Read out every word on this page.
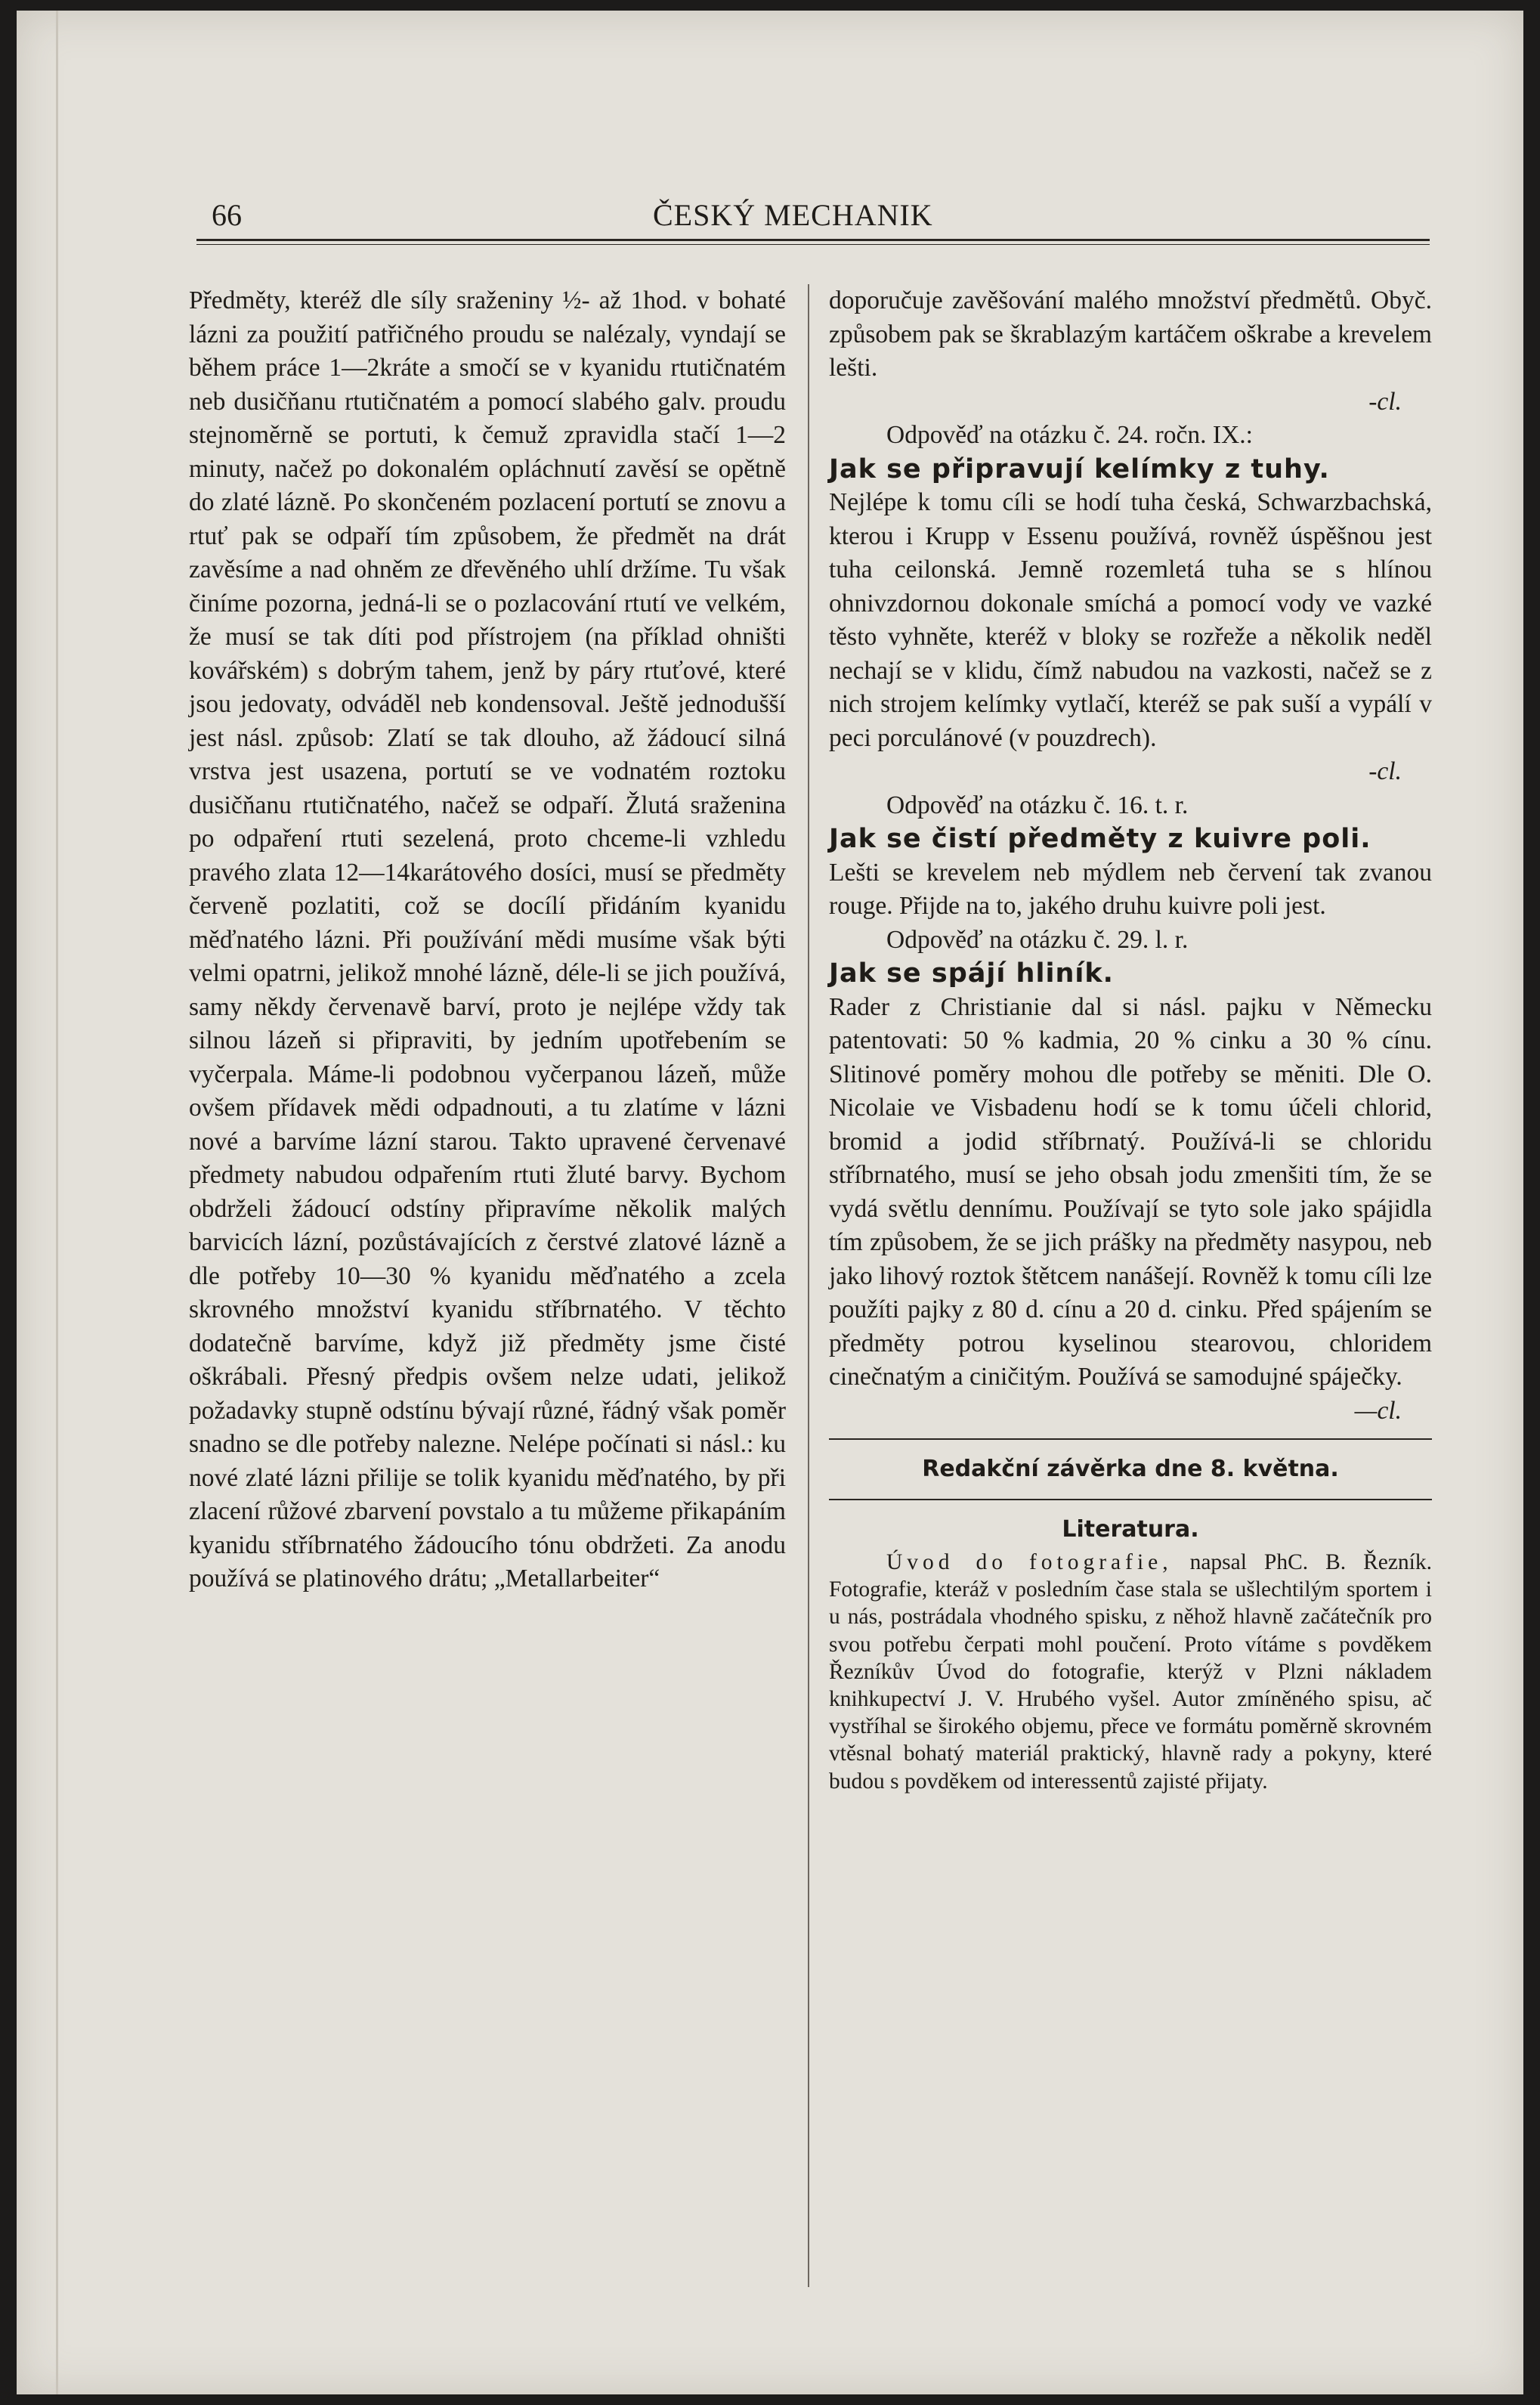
66	ČESKÝ MECHANIK

Předměty, kteréž dle síly sraženiny ½- až 1hod. v bohaté lázni za použití patřičného proudu se nalézaly, vyndají se během práce 1—2kráte a smočí se v kyanidu rtutičnatém neb dusičňanu rtutičnatém a pomocí slabého galv. proudu stejnoměrně se portuti, k čemuž zpravidla stačí 1—2 minuty, načež po dokonalém opláchnutí zavěsí se opětně do zlaté lázně. Po skončeném pozlacení portutí se znovu a rtuť pak se odpaří tím způsobem, že předmět na drát zavěsíme a nad ohněm ze dřevěného uhlí držíme. Tu však činíme pozorna, jedná-li se o pozlacování rtutí ve velkém, že musí se tak díti pod přístrojem (na příklad ohništi kovářském) s dobrým tahem, jenž by páry rtuťové, které jsou jedovaty, odváděl neb kondensoval. Ještě jednodušší jest násl. způsob: Zlatí se tak dlouho, až žádoucí silná vrstva jest usazena, portutí se ve vodnatém roztoku dusičňanu rtutičnatého, načež se odpaří. Žlutá sraženina po odpaření rtuti sezelená, proto chceme-li vzhledu pravého zlata 12—14karátového dosíci, musí se předměty červeně pozlatiti, což se docílí přidáním kyanidu měďnatého lázni. Při používání mědi musíme však býti velmi opatrni, jelikož mnohé lázně, déle-li se jich používá, samy někdy červenavě barví, proto je nejlépe vždy tak silnou lázeň si připraviti, by jedním upotřebením se vyčerpala. Máme-li podobnou vyčerpanou lázeň, může ovšem přídavek mědi odpadnouti, a tu zlatíme v lázni nové a barvíme lázní starou. Takto upravené červenavé předmety nabudou odpařením rtuti žluté barvy. Bychom obdrželi žádoucí odstíny připravíme několik malých barvicích lázní, pozůstávajících z čerstvé zlatové lázně a dle potřeby 10—30 % kyanidu měďnatého a zcela skrovného množství kyanidu stříbrnatého. V těchto dodatečně barvíme, když již předměty jsme čisté oškrábali. Přesný předpis ovšem nelze udati, jelikož požadavky stupně odstínu bývají různé, řádný však poměr snadno se dle potřeby nalezne. Nelépe počínati si násl.: ku nové zlaté lázni přilije se tolik kyanidu měďnatého, by při zlacení růžové zbarvení povstalo a tu můžeme přikapáním kyanidu stříbrnatého žádoucího tónu obdržeti. Za anodu používá se platinového drátu; „Metallarbeiter“

doporučuje zavěšování malého množství předmětů. Obyč. způsobem pak se škrablazým kartáčem oškrabe a krevelem lešti.

-cl.

Odpověď na otázku č. 24. ročn. IX.:

Jak se připravují kelímky z tuhy.

Nejlépe k tomu cíli se hodí tuha česká, Schwarzbachská, kterou i Krupp v Essenu používá, rovněž úspěšnou jest tuha ceilonská. Jemně rozemletá tuha se s hlínou ohnivzdornou dokonale smíchá a pomocí vody ve vazké těsto vyhněte, kteréž v bloky se rozřeže a několik neděl nechají se v klidu, čímž nabudou na vazkosti, načež se z nich strojem kelímky vytlačí, kteréž se pak suší a vypálí v peci porculánové (v pouzdrech).

-cl.

Odpověď na otázku č. 16. t. r.

Jak se čistí předměty z kuivre poli.

Lešti se krevelem neb mýdlem neb červení tak zvanou rouge. Přijde na to, jakého druhu kuivre poli jest.

Odpověď na otázku č. 29. l. r.

Jak se spájí hliník.

Rader z Christianie dal si násl. pajku v Německu patentovati: 50 % kadmia, 20 % cinku a 30 % cínu. Slitinové poměry mohou dle potřeby se měniti. Dle O. Nicolaie ve Visbadenu hodí se k tomu účeli chlorid, bromid a jodid stříbrnatý. Používá-li se chloridu stříbrnatého, musí se jeho obsah jodu zmenšiti tím, že se vydá světlu dennímu. Používají se tyto sole jako spájidla tím způsobem, že se jich prášky na předměty nasypou, neb jako lihový roztok štětcem nanášejí. Rovněž k tomu cíli lze použíti pajky z 80 d. cínu a 20 d. cinku. Před spájením se předměty potrou kyselinou stearovou, chloridem cinečnatým a ciničitým. Používá se samodujné spáječky.

—cl.

Redakční závěrka dne 8. května.

Literatura.

Úvod do fotografie, napsal PhC. B. Řezník. Fotografie, kteráž v posledním čase stala se ušlechtilým sportem i u nás, postrádala vhodného spisku, z něhož hlavně začátečník pro svou potřebu čerpati mohl poučení. Proto vítáme s povděkem Řezníkův Úvod do fotografie, kterýž v Plzni nákladem knihkupectví J. V. Hrubého vyšel. Autor zmíněného spisu, ač vystříhal se širokého objemu, přece ve formátu poměrně skrovném vtěsnal bohatý materiál praktický, hlavně rady a pokyny, které budou s povděkem od interessentů zajisté přijaty.
